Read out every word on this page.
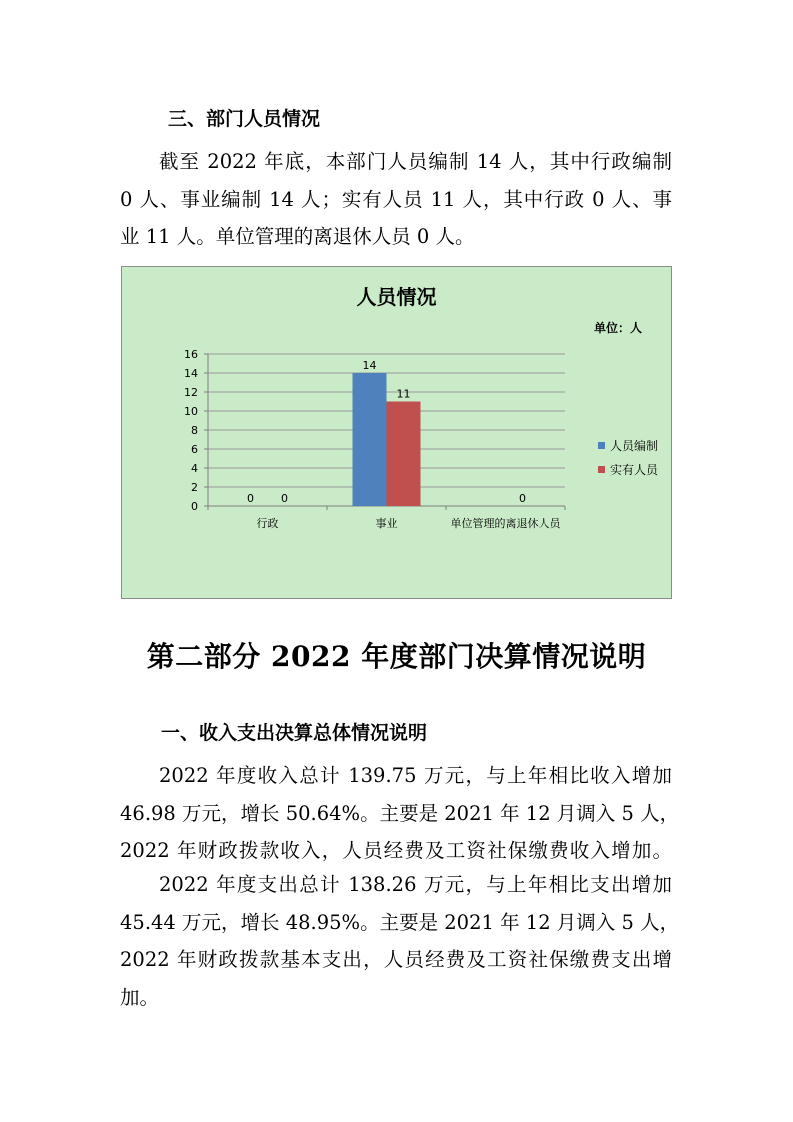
三、部门人员情况
截至 2022 年底，本部门人员编制 14 人，其中行政编制
0 人、事业编制 14 人；实有人员 11 人，其中行政 0 人、事
业 11 人。单位管理的离退休人员 0 人。
人员情况
单位：人
0
2
4
6
8
10
12
14
16
行政
0 0
事业
14
11
单位管理的离退休人员
0
人员编制
实有人员
第二部分 2022 年度部门决算情况说明
一、收入支出决算总体情况说明
2022 年度收入总计 139.75 万元，与上年相比收入增加
46.98 万元，增长 50.64%。主要是 2021 年 12 月调入 5 人，
2022 年财政拨款收入，人员经费及工资社保缴费收入增加。
2022 年度支出总计 138.26 万元，与上年相比支出增加
45.44 万元，增长 48.95%。主要是 2021 年 12 月调入 5 人，
2022 年财政拨款基本支出，人员经费及工资社保缴费支出增
加。
